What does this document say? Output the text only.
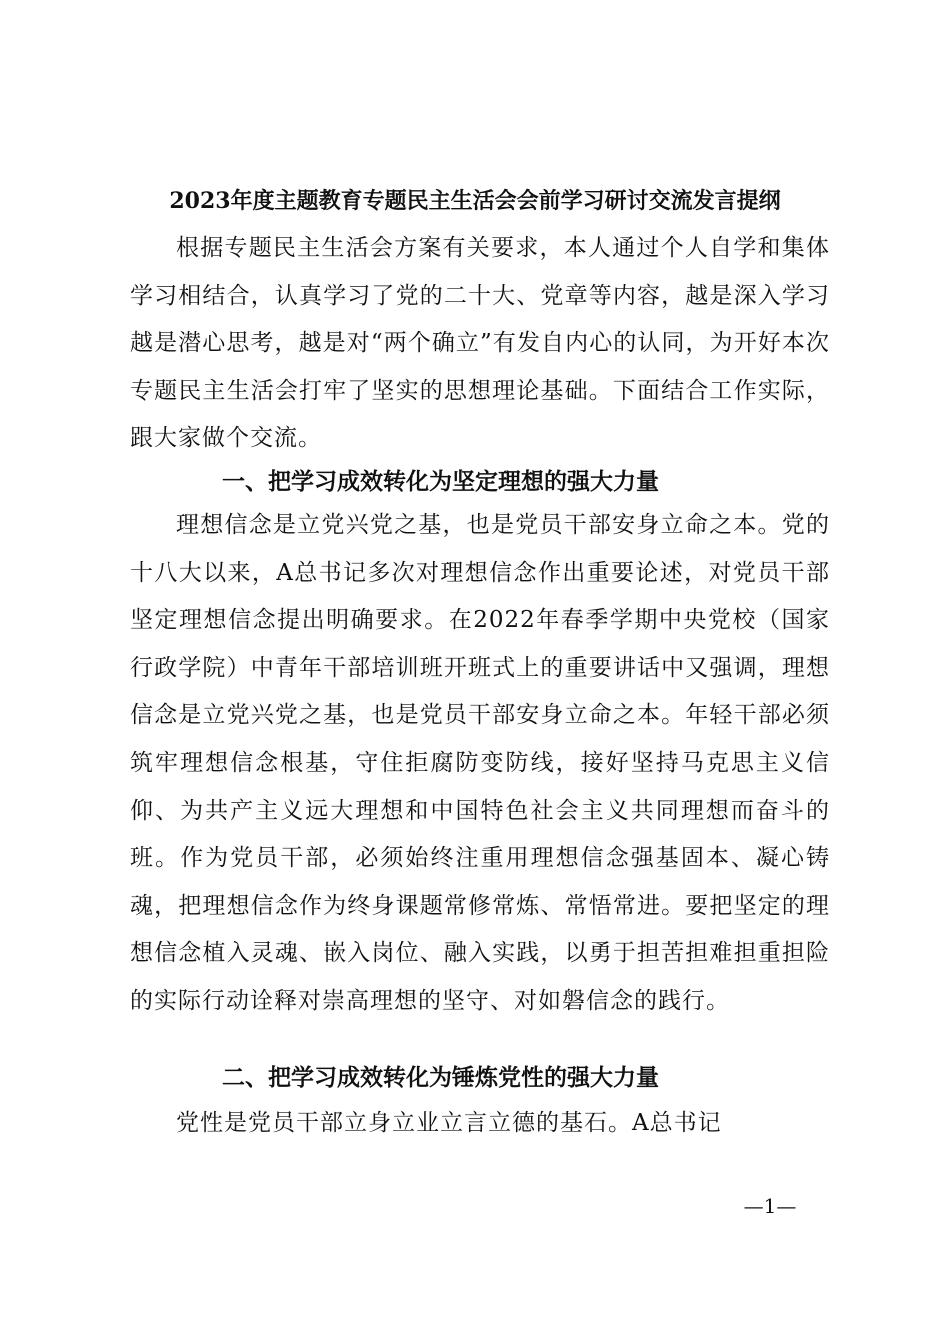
2023年度主题教育专题民主生活会会前学习研讨交流发言提纲

根据专题民主生活会方案有关要求，本人通过个人自学和集体学习相结合，认真学习了党的二十大、党章等内容，越是深入学习越是潜心思考，越是对“两个确立”有发自内心的认同，为开好本次专题民主生活会打牢了坚实的思想理论基础。下面结合工作实际，跟大家做个交流。

一、把学习成效转化为坚定理想的强大力量

理想信念是立党兴党之基，也是党员干部安身立命之本。党的十八大以来，A总书记多次对理想信念作出重要论述，对党员干部坚定理想信念提出明确要求。在2022年春季学期中央党校（国家行政学院）中青年干部培训班开班式上的重要讲话中又强调，理想信念是立党兴党之基，也是党员干部安身立命之本。年轻干部必须筑牢理想信念根基，守住拒腐防变防线，接好坚持马克思主义信仰、为共产主义远大理想和中国特色社会主义共同理想而奋斗的班。作为党员干部，必须始终注重用理想信念强基固本、凝心铸魂，把理想信念作为终身课题常修常炼、常悟常进。要把坚定的理想信念植入灵魂、嵌入岗位、融入实践，以勇于担苦担难担重担险的实际行动诠释对崇高理想的坚守、对如磐信念的践行。

二、把学习成效转化为锤炼党性的强大力量

党性是党员干部立身立业立言立德的基石。A总书记

—1—
